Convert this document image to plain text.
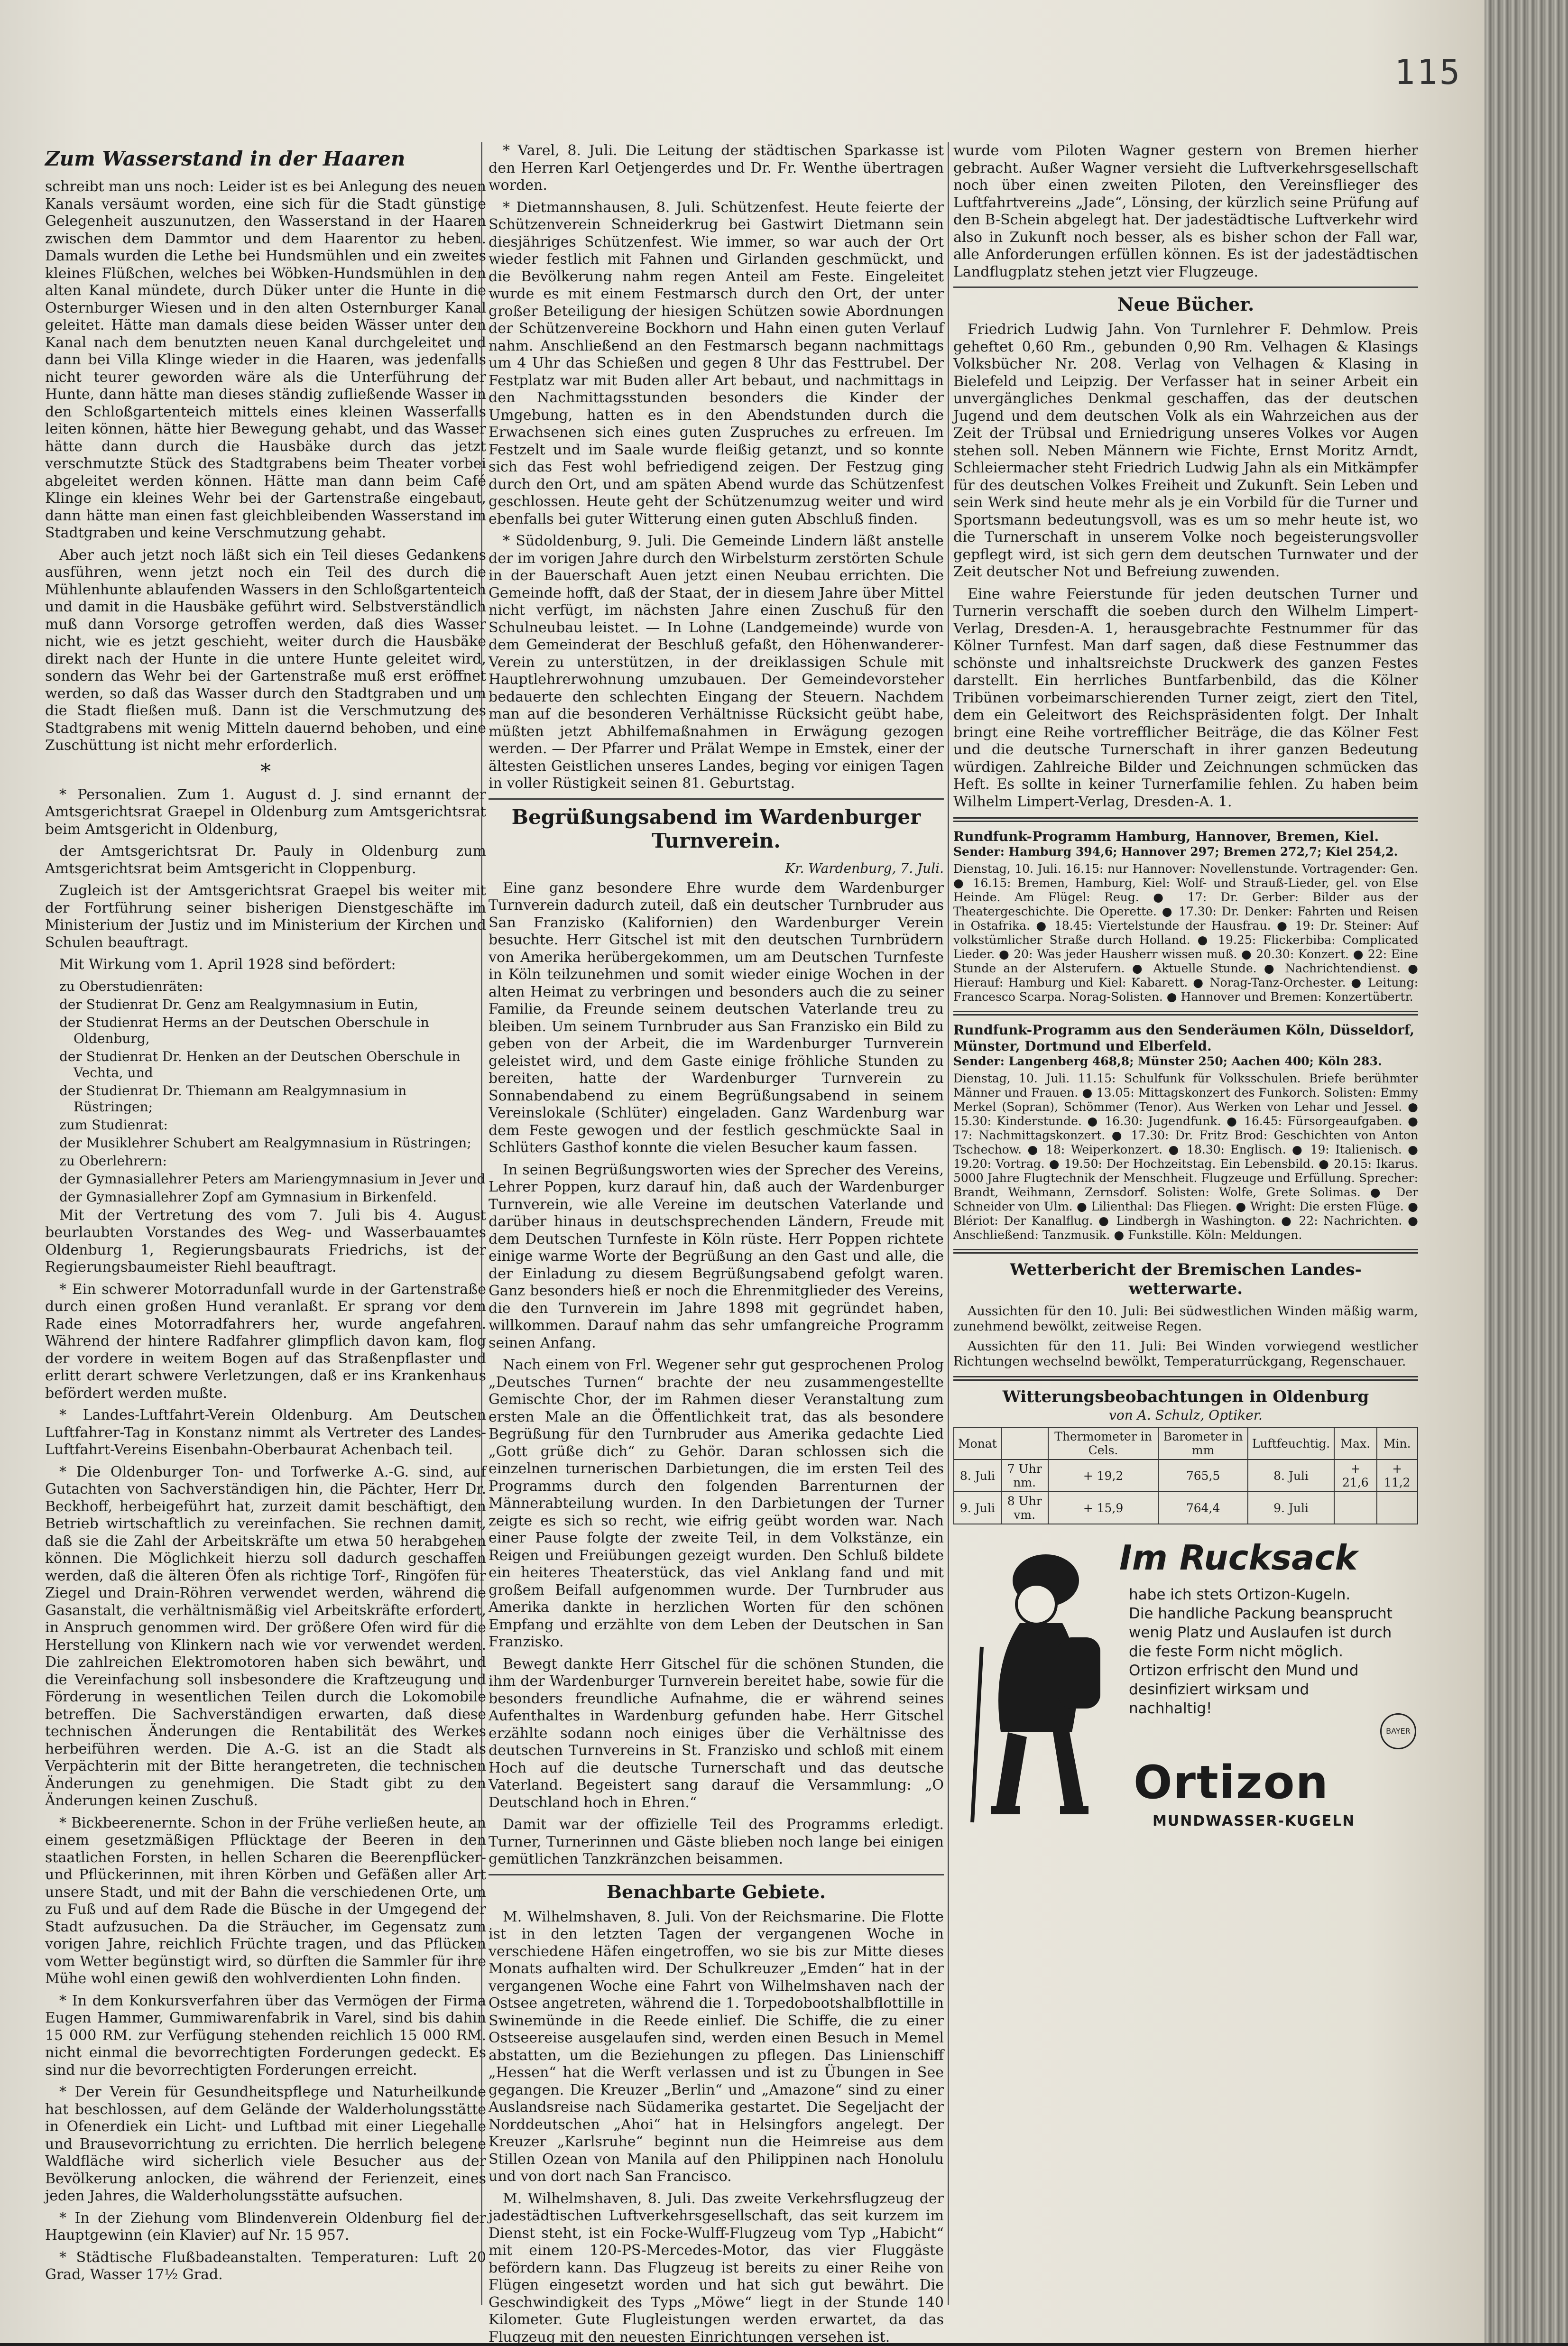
115
Zum Wasserstand in der Haaren

schreibt man uns noch: Leider ist es bei Anlegung des neuen Kanals versäumt worden, eine sich für die Stadt günstige Gelegenheit auszunutzen, den Wasserstand in der Haaren zwischen dem Dammtor und dem Haarentor zu heben. Damals wurden die Lethe bei Hundsmühlen und ein zweites kleines Flüßchen, welches bei Wöbken-Hundsmühlen in den alten Kanal mündete, durch Düker unter die Hunte in die Osternburger Wiesen und in den alten Osternburger Kanal geleitet. Hätte man damals diese beiden Wässer unter den Kanal nach dem benutzten neuen Kanal durchgeleitet und dann bei Villa Klinge wieder in die Haaren, was jedenfalls nicht teurer geworden wäre als die Unterführung der Hunte, dann hätte man dieses ständig zufließende Wasser in den Schloßgartenteich mittels eines kleinen Wasserfalls leiten können, hätte hier Bewegung gehabt, und das Wasser hätte dann durch die Hausbäke durch das jetzt verschmutzte Stück des Stadtgrabens beim Theater vorbei abgeleitet werden können. Hätte man dann beim Café Klinge ein kleines Wehr bei der Gartenstraße eingebaut, dann hätte man einen fast gleichbleibenden Wasserstand im Stadtgraben und keine Verschmutzung gehabt.

Aber auch jetzt noch läßt sich ein Teil dieses Gedankens ausführen, wenn jetzt noch ein Teil des durch die Mühlenhunte ablaufenden Wassers in den Schloßgartenteich und damit in die Hausbäke geführt wird. Selbstverständlich muß dann Vorsorge getroffen werden, daß dies Wasser nicht, wie es jetzt geschieht, weiter durch die Hausbäke direkt nach der Hunte in die untere Hunte geleitet wird, sondern das Wehr bei der Gartenstraße muß erst eröffnet werden, so daß das Wasser durch den Stadtgraben und um die Stadt fließen muß. Dann ist die Verschmutzung des Stadtgrabens mit wenig Mitteln dauernd behoben, und eine Zuschüttung ist nicht mehr erforderlich.

*

* Personalien. Zum 1. August d. J. sind ernannt der Amtsgerichtsrat Graepel in Oldenburg zum Amtsgerichtsrat beim Amtsgericht in Oldenburg,

der Amtsgerichtsrat Dr. Pauly in Oldenburg zum Amtsgerichtsrat beim Amtsgericht in Cloppenburg.

Zugleich ist der Amtsgerichtsrat Graepel bis weiter mit der Fortführung seiner bisherigen Dienstgeschäfte im Ministerium der Justiz und im Ministerium der Kirchen und Schulen beauftragt.

Mit Wirkung vom 1. April 1928 sind befördert:

zu Oberstudienräten:
der Studienrat Dr. Genz am Realgymnasium in Eutin,
der Studienrat Herms an der Deutschen Oberschule in Oldenburg,
der Studienrat Dr. Henken an der Deutschen Oberschule in Vechta, und
der Studienrat Dr. Thiemann am Realgymnasium in Rüstringen;
zum Studienrat:
der Musiklehrer Schubert am Realgymnasium in Rüstringen;
zu Oberlehrern:
der Gymnasiallehrer Peters am Mariengymnasium in Jever und
der Gymnasiallehrer Zopf am Gymnasium in Birkenfeld.

Mit der Vertretung des vom 7. Juli bis 4. August beurlaubten Vorstandes des Weg- und Wasserbauamtes Oldenburg 1, Regierungsbaurats Friedrichs, ist der Regierungsbaumeister Riehl beauftragt.

* Ein schwerer Motorradunfall wurde in der Gartenstraße durch einen großen Hund veranlaßt. Er sprang vor dem Rade eines Motorradfahrers her, wurde angefahren. Während der hintere Radfahrer glimpflich davon kam, flog der vordere in weitem Bogen auf das Straßenpflaster und erlitt derart schwere Verletzungen, daß er ins Krankenhaus befördert werden mußte.

* Landes-Luftfahrt-Verein Oldenburg. Am Deutschen Luftfahrer-Tag in Konstanz nimmt als Vertreter des Landes-Luftfahrt-Vereins Eisenbahn-Oberbaurat Achenbach teil.

* Die Oldenburger Ton- und Torfwerke A.-G. sind, auf Gutachten von Sachverständigen hin, die Pächter, Herr Dr. Beckhoff, herbeigeführt hat, zurzeit damit beschäftigt, den Betrieb wirtschaftlich zu vereinfachen. Sie rechnen damit, daß sie die Zahl der Arbeitskräfte um etwa 50 herabgehen können. Die Möglichkeit hierzu soll dadurch geschaffen werden, daß die älteren Öfen als richtige Torf-, Ringöfen für Ziegel und Drain-Röhren verwendet werden, während die Gasanstalt, die verhältnismäßig viel Arbeitskräfte erfordert, in Anspruch genommen wird. Der größere Ofen wird für die Herstellung von Klinkern nach wie vor verwendet werden. Die zahlreichen Elektromotoren haben sich bewährt, und die Vereinfachung soll insbesondere die Kraftzeugung und Förderung in wesentlichen Teilen durch die Lokomobile betreffen. Die Sachverständigen erwarten, daß diese technischen Änderungen die Rentabilität des Werkes herbeiführen werden. Die A.-G. ist an die Stadt als Verpächterin mit der Bitte herangetreten, die technischen Änderungen zu genehmigen. Die Stadt gibt zu den Änderungen keinen Zuschuß.

* Bickbeerenernte. Schon in der Frühe verließen heute, an einem gesetzmäßigen Pflücktage der Beeren in den staatlichen Forsten, in hellen Scharen die Beerenpflücker- und Pflückerinnen, mit ihren Körben und Gefäßen aller Art unsere Stadt, und mit der Bahn die verschiedenen Orte, um zu Fuß und auf dem Rade die Büsche in der Umgegend der Stadt aufzusuchen. Da die Sträucher, im Gegensatz zum vorigen Jahre, reichlich Früchte tragen, und das Pflücken vom Wetter begünstigt wird, so dürften die Sammler für ihre Mühe wohl einen gewiß den wohlverdienten Lohn finden.

* In dem Konkursverfahren über das Vermögen der Firma Eugen Hammer, Gummiwarenfabrik in Varel, sind bis dahin 15 000 RM. zur Verfügung stehenden reichlich 15 000 RM. nicht einmal die bevorrechtigten Forderungen gedeckt. Es sind nur die bevorrechtigten Forderungen erreicht.

* Der Verein für Gesundheitspflege und Naturheilkunde hat beschlossen, auf dem Gelände der Walderholungsstätte in Ofenerdiek ein Licht- und Luftbad mit einer Liegehalle und Brausevorrichtung zu errichten. Die herrlich belegene Waldfläche wird sicherlich viele Besucher aus der Bevölkerung anlocken, die während der Ferienzeit, eines jeden Jahres, die Walderholungsstätte aufsuchen.

* In der Ziehung vom Blindenverein Oldenburg fiel der Hauptgewinn (ein Klavier) auf Nr. 15 957.

* Städtische Flußbadeanstalten. Temperaturen: Luft 20 Grad, Wasser 17½ Grad.

* Varel, 8. Juli. Die Leitung der städtischen Sparkasse ist den Herren Karl Oetjengerdes und Dr. Fr. Wenthe übertragen worden.

* Dietmannshausen, 8. Juli. Schützenfest. Heute feierte der Schützenverein Schneiderkrug bei Gastwirt Dietmann sein diesjähriges Schützenfest. Wie immer, so war auch der Ort wieder festlich mit Fahnen und Girlanden geschmückt, und die Bevölkerung nahm regen Anteil am Feste. Eingeleitet wurde es mit einem Festmarsch durch den Ort, der unter großer Beteiligung der hiesigen Schützen sowie Abordnungen der Schützenvereine Bockhorn und Hahn einen guten Verlauf nahm. Anschließend an den Festmarsch begann nachmittags um 4 Uhr das Schießen und gegen 8 Uhr das Festtrubel. Der Festplatz war mit Buden aller Art bebaut, und nachmittags in den Nachmittagsstunden besonders die Kinder der Umgebung, hatten es in den Abendstunden durch die Erwachsenen sich eines guten Zuspruches zu erfreuen. Im Festzelt und im Saale wurde fleißig getanzt, und so konnte sich das Fest wohl befriedigend zeigen. Der Festzug ging durch den Ort, und am späten Abend wurde das Schützenfest geschlossen. Heute geht der Schützenumzug weiter und wird ebenfalls bei guter Witterung einen guten Abschluß finden.

* Südoldenburg, 9. Juli. Die Gemeinde Lindern läßt anstelle der im vorigen Jahre durch den Wirbelsturm zerstörten Schule in der Bauerschaft Auen jetzt einen Neubau errichten. Die Gemeinde hofft, daß der Staat, der in diesem Jahre über Mittel nicht verfügt, im nächsten Jahre einen Zuschuß für den Schulneubau leistet. — In Lohne (Landgemeinde) wurde von dem Gemeinderat der Beschluß gefaßt, den Höhenwanderer-Verein zu unterstützen, in der dreiklassigen Schule mit Hauptlehrerwohnung umzubauen. Der Gemeindevorsteher bedauerte den schlechten Eingang der Steuern. Nachdem man auf die besonderen Verhältnisse Rücksicht geübt habe, müßten jetzt Abhilfemaßnahmen in Erwägung gezogen werden. — Der Pfarrer und Prälat Wempe in Emstek, einer der ältesten Geistlichen unseres Landes, beging vor einigen Tagen in voller Rüstigkeit seinen 81. Geburtstag.

Begrüßungsabend im Wardenburger Turnverein.
Kr. Wardenburg, 7. Juli.

Eine ganz besondere Ehre wurde dem Wardenburger Turnverein dadurch zuteil, daß ein deutscher Turnbruder aus San Franzisko (Kalifornien) den Wardenburger Verein besuchte. Herr Gitschel ist mit den deutschen Turnbrüdern von Amerika herübergekommen, um am Deutschen Turnfeste in Köln teilzunehmen und somit wieder einige Wochen in der alten Heimat zu verbringen und besonders auch die zu seiner Familie, da Freunde seinem deutschen Vaterlande treu zu bleiben. Um seinem Turnbruder aus San Franzisko ein Bild zu geben von der Arbeit, die im Wardenburger Turnverein geleistet wird, und dem Gaste einige fröhliche Stunden zu bereiten, hatte der Wardenburger Turnverein zu Sonnabendabend zu einem Begrüßungsabend in seinem Vereinslokale (Schlüter) eingeladen. Ganz Wardenburg war dem Feste gewogen und der festlich geschmückte Saal in Schlüters Gasthof konnte die vielen Besucher kaum fassen.

In seinen Begrüßungsworten wies der Sprecher des Vereins, Lehrer Poppen, kurz darauf hin, daß auch der Wardenburger Turnverein, wie alle Vereine im deutschen Vaterlande und darüber hinaus in deutschsprechenden Ländern, Freude mit dem Deutschen Turnfeste in Köln rüste. Herr Poppen richtete einige warme Worte der Begrüßung an den Gast und alle, die der Einladung zu diesem Begrüßungsabend gefolgt waren. Ganz besonders hieß er noch die Ehrenmitglieder des Vereins, die den Turnverein im Jahre 1898 mit gegründet haben, willkommen. Darauf nahm das sehr umfangreiche Programm seinen Anfang.

Nach einem von Frl. Wegener sehr gut gesprochenen Prolog „Deutsches Turnen“ brachte der neu zusammengestellte Gemischte Chor, der im Rahmen dieser Veranstaltung zum ersten Male an die Öffentlichkeit trat, das als besondere Begrüßung für den Turnbruder aus Amerika gedachte Lied „Gott grüße dich“ zu Gehör. Daran schlossen sich die einzelnen turnerischen Darbietungen, die im ersten Teil des Programms durch den folgenden Barrenturnen der Männerabteilung wurden. In den Darbietungen der Turner zeigte es sich so recht, wie eifrig geübt worden war. Nach einer Pause folgte der zweite Teil, in dem Volkstänze, ein Reigen und Freiübungen gezeigt wurden. Den Schluß bildete ein heiteres Theaterstück, das viel Anklang fand und mit großem Beifall aufgenommen wurde. Der Turnbruder aus Amerika dankte in herzlichen Worten für den schönen Empfang und erzählte von dem Leben der Deutschen in San Franzisko.

Bewegt dankte Herr Gitschel für die schönen Stunden, die ihm der Wardenburger Turnverein bereitet habe, sowie für die besonders freundliche Aufnahme, die er während seines Aufenthaltes in Wardenburg gefunden habe. Herr Gitschel erzählte sodann noch einiges über die Verhältnisse des deutschen Turnvereins in St. Franzisko und schloß mit einem Hoch auf die deutsche Turnerschaft und das deutsche Vaterland. Begeistert sang darauf die Versammlung: „O Deutschland hoch in Ehren.“

Damit war der offizielle Teil des Programms erledigt. Turner, Turnerinnen und Gäste blieben noch lange bei einigen gemütlichen Tanzkränzchen beisammen.

Benachbarte Gebiete.

M. Wilhelmshaven, 8. Juli. Von der Reichsmarine. Die Flotte ist in den letzten Tagen der vergangenen Woche in verschiedene Häfen eingetroffen, wo sie bis zur Mitte dieses Monats aufhalten wird. Der Schulkreuzer „Emden“ hat in der vergangenen Woche eine Fahrt von Wilhelmshaven nach der Ostsee angetreten, während die 1. Torpedobootshalbflottille in Swinemünde in die Reede einlief. Die Schiffe, die zu einer Ostseereise ausgelaufen sind, werden einen Besuch in Memel abstatten, um die Beziehungen zu pflegen. Das Linienschiff „Hessen“ hat die Werft verlassen und ist zu Übungen in See gegangen. Die Kreuzer „Berlin“ und „Amazone“ sind zu einer Auslandsreise nach Südamerika gestartet. Die Segeljacht der Norddeutschen „Ahoi“ hat in Helsingfors angelegt. Der Kreuzer „Karlsruhe“ beginnt nun die Heimreise aus dem Stillen Ozean von Manila auf den Philippinen nach Honolulu und von dort nach San Francisco.

M. Wilhelmshaven, 8. Juli. Das zweite Verkehrsflugzeug der jadestädtischen Luftverkehrsgesellschaft, das seit kurzem im Dienst steht, ist ein Focke-Wulff-Flugzeug vom Typ „Habicht“ mit einem 120-PS-Mercedes-Motor, das vier Fluggäste befördern kann. Das Flugzeug ist bereits zu einer Reihe von Flügen eingesetzt worden und hat sich gut bewährt. Die Geschwindigkeit des Typs „Möwe“ liegt in der Stunde 140 Kilometer. Gute Flugleistungen werden erwartet, da das Flugzeug mit den neuesten Einrichtungen versehen ist.

wurde vom Piloten Wagner gestern von Bremen hierher gebracht. Außer Wagner versieht die Luftverkehrsgesellschaft noch über einen zweiten Piloten, den Vereinsflieger des Luftfahrtvereins „Jade“, Lönsing, der kürzlich seine Prüfung auf den B-Schein abgelegt hat. Der jadestädtische Luftverkehr wird also in Zukunft noch besser, als es bisher schon der Fall war, alle Anforderungen erfüllen können. Es ist der jadestädtischen Landflugplatz stehen jetzt vier Flugzeuge.

Neue Bücher.

Friedrich Ludwig Jahn. Von Turnlehrer F. Dehmlow. Preis geheftet 0,60 Rm., gebunden 0,90 Rm. Velhagen & Klasings Volksbücher Nr. 208. Verlag von Velhagen & Klasing in Bielefeld und Leipzig. Der Verfasser hat in seiner Arbeit ein unvergängliches Denkmal geschaffen, das der deutschen Jugend und dem deutschen Volk als ein Wahrzeichen aus der Zeit der Trübsal und Erniedrigung unseres Volkes vor Augen stehen soll. Neben Männern wie Fichte, Ernst Moritz Arndt, Schleiermacher steht Friedrich Ludwig Jahn als ein Mitkämpfer für des deutschen Volkes Freiheit und Zukunft. Sein Leben und sein Werk sind heute mehr als je ein Vorbild für die Turner und Sportsmann bedeutungsvoll, was es um so mehr heute ist, wo die Turnerschaft in unserem Volke noch begeisterungsvoller gepflegt wird, ist sich gern dem deutschen Turnwater und der Zeit deutscher Not und Befreiung zuwenden.

Eine wahre Feierstunde für jeden deutschen Turner und Turnerin verschafft die soeben durch den Wilhelm Limpert-Verlag, Dresden-A. 1, herausgebrachte Festnummer für das Kölner Turnfest. Man darf sagen, daß diese Festnummer das schönste und inhaltsreichste Druckwerk des ganzen Festes darstellt. Ein herrliches Buntfarbenbild, das die Kölner Tribünen vorbeimarschierenden Turner zeigt, ziert den Titel, dem ein Geleitwort des Reichspräsidenten folgt. Der Inhalt bringt eine Reihe vortrefflicher Beiträge, die das Kölner Fest und die deutsche Turnerschaft in ihrer ganzen Bedeutung würdigen. Zahlreiche Bilder und Zeichnungen schmücken das Heft. Es sollte in keiner Turnerfamilie fehlen. Zu haben beim Wilhelm Limpert-Verlag, Dresden-A. 1.

Rundfunk-Programm Hamburg, Hannover, Bremen, Kiel.
Sender: Hamburg 394,6; Hannover 297; Bremen 272,7; Kiel 254,2.
Dienstag, 10. Juli. 16.15: nur Hannover: Novellenstunde. Vortragender: Gen. ● 16.15: Bremen, Hamburg, Kiel: Wolf- und Strauß-Lieder, gel. von Else Heinde. Am Flügel: Reug. ● 17: Dr. Gerber: Bilder aus der Theatergeschichte. Die Operette. ● 17.30: Dr. Denker: Fahrten und Reisen in Ostafrika. ● 18.45: Viertelstunde der Hausfrau. ● 19: Dr. Steiner: Auf volkstümlicher Straße durch Holland. ● 19.25: Flickerbiba: Complicated Lieder. ● 20: Was jeder Hausherr wissen muß. ● 20.30: Konzert. ● 22: Eine Stunde an der Alsterufern. ● Aktuelle Stunde. ● Nachrichtendienst. ● Hierauf: Hamburg und Kiel: Kabarett. ● Norag-Tanz-Orchester. ● Leitung: Francesco Scarpa. Norag-Solisten. ● Hannover und Bremen: Konzertübertr.
Rundfunk-Programm aus den Senderäumen Köln, Düsseldorf, Münster, Dortmund und Elberfeld.
Sender: Langenberg 468,8; Münster 250; Aachen 400; Köln 283.
Dienstag, 10. Juli. 11.15: Schulfunk für Volksschulen. Briefe berühmter Männer und Frauen. ● 13.05: Mittagskonzert des Funkorch. Solisten: Emmy Merkel (Sopran), Schömmer (Tenor). Aus Werken von Lehar und Jessel. ● 15.30: Kinderstunde. ● 16.30: Jugendfunk. ● 16.45: Fürsorgeaufgaben. ● 17: Nachmittagskonzert. ● 17.30: Dr. Fritz Brod: Geschichten von Anton Tschechow. ● 18: Weiperkonzert. ● 18.30: Englisch. ● 19: Italienisch. ● 19.20: Vortrag. ● 19.50: Der Hochzeitstag. Ein Lebensbild. ● 20.15: Ikarus. 5000 Jahre Flugtechnik der Menschheit. Flugzeuge und Erfüllung. Sprecher: Brandt, Weihmann, Zernsdorf. Solisten: Wolfe, Grete Solimas. ● Der Schneider von Ulm. ● Lilienthal: Das Fliegen. ● Wright: Die ersten Flüge. ● Blériot: Der Kanalflug. ● Lindbergh in Washington. ● 22: Nachrichten. ● Anschließend: Tanzmusik. ● Funkstille. Köln: Meldungen.
Wetterbericht der Bremischen Landes-wetterwarte.

Aussichten für den 10. Juli: Bei südwestlichen Winden mäßig warm, zunehmend bewölkt, zeitweise Regen.

Aussichten für den 11. Juli: Bei Winden vorwiegend westlicher Richtungen wechselnd bewölkt, Temperaturrückgang, Regenschauer.

Witterungsbeobachtungen in Oldenburg
von A. Schulz, Optiker.
Monat		Thermometer in Cels.	Barometer in mm	Luftfeuchtig.	Max.	Min.
8. Juli	7 Uhr nm.	+ 19,2	765,5	8. Juli	+ 21,6	+ 11,2
9. Juli	8 Uhr vm.	+ 15,9	764,4	9. Juli		
Im Rucksack
habe ich stets Ortizon-Kugeln.
Die handliche Packung beansprucht wenig Platz und Auslaufen ist durch die feste Form nicht möglich. Ortizon erfrischt den Mund und desinfiziert wirksam und nachhaltig!
BAYER
Ortizon
MUNDWASSER-KUGELN
